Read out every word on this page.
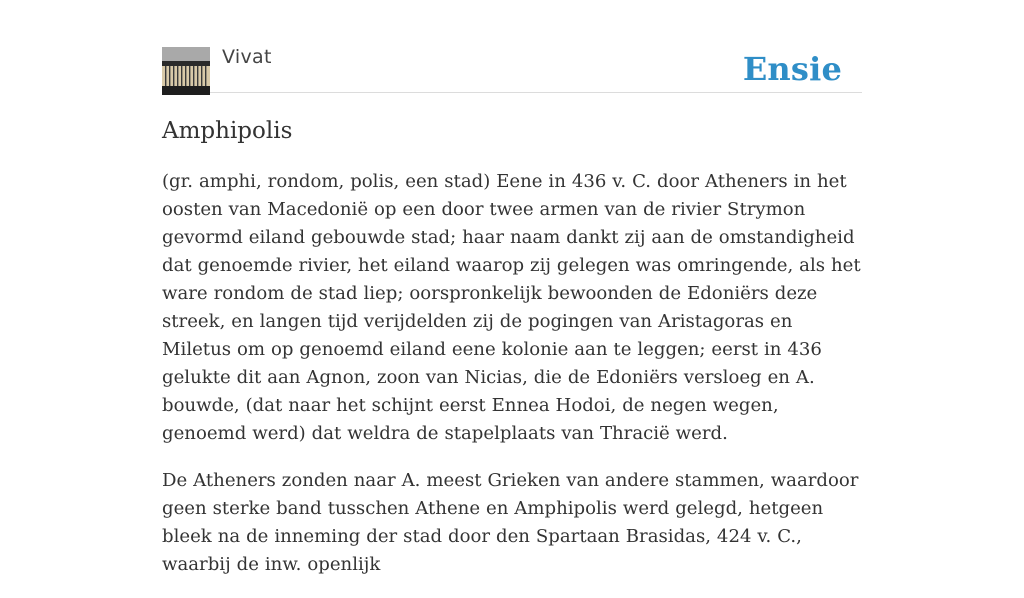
Vivat	Ensie
Amphipolis

(gr. amphi, rondom, polis, een stad) Eene in 436 v. C. door Atheners in het oosten van Macedonië op een door twee armen van de rivier Strymon gevormd eiland gebouwde stad; haar naam dankt zij aan de omstandigheid dat genoemde rivier, het eiland waarop zij gelegen was omringende, als het ware rondom de stad liep; oorspronkelijk bewoonden de Edoniërs deze streek, en langen tijd verijdelden zij de pogingen van Aristagoras en Miletus om op genoemd eiland eene kolonie aan te leggen; eerst in 436 gelukte dit aan Agnon, zoon van Nicias, die de Edoniërs versloeg en A. bouwde, (dat naar het schijnt eerst Ennea Hodoi, de negen wegen, genoemd werd) dat weldra de stapelplaats van Thracië werd.

De Atheners zonden naar A. meest Grieken van andere stammen, waardoor geen sterke band tusschen Athene en Amphipolis werd gelegd, hetgeen bleek na de inneming der stad door den Spartaan Brasidas, 424 v. C., waarbij de inw. openlijk
